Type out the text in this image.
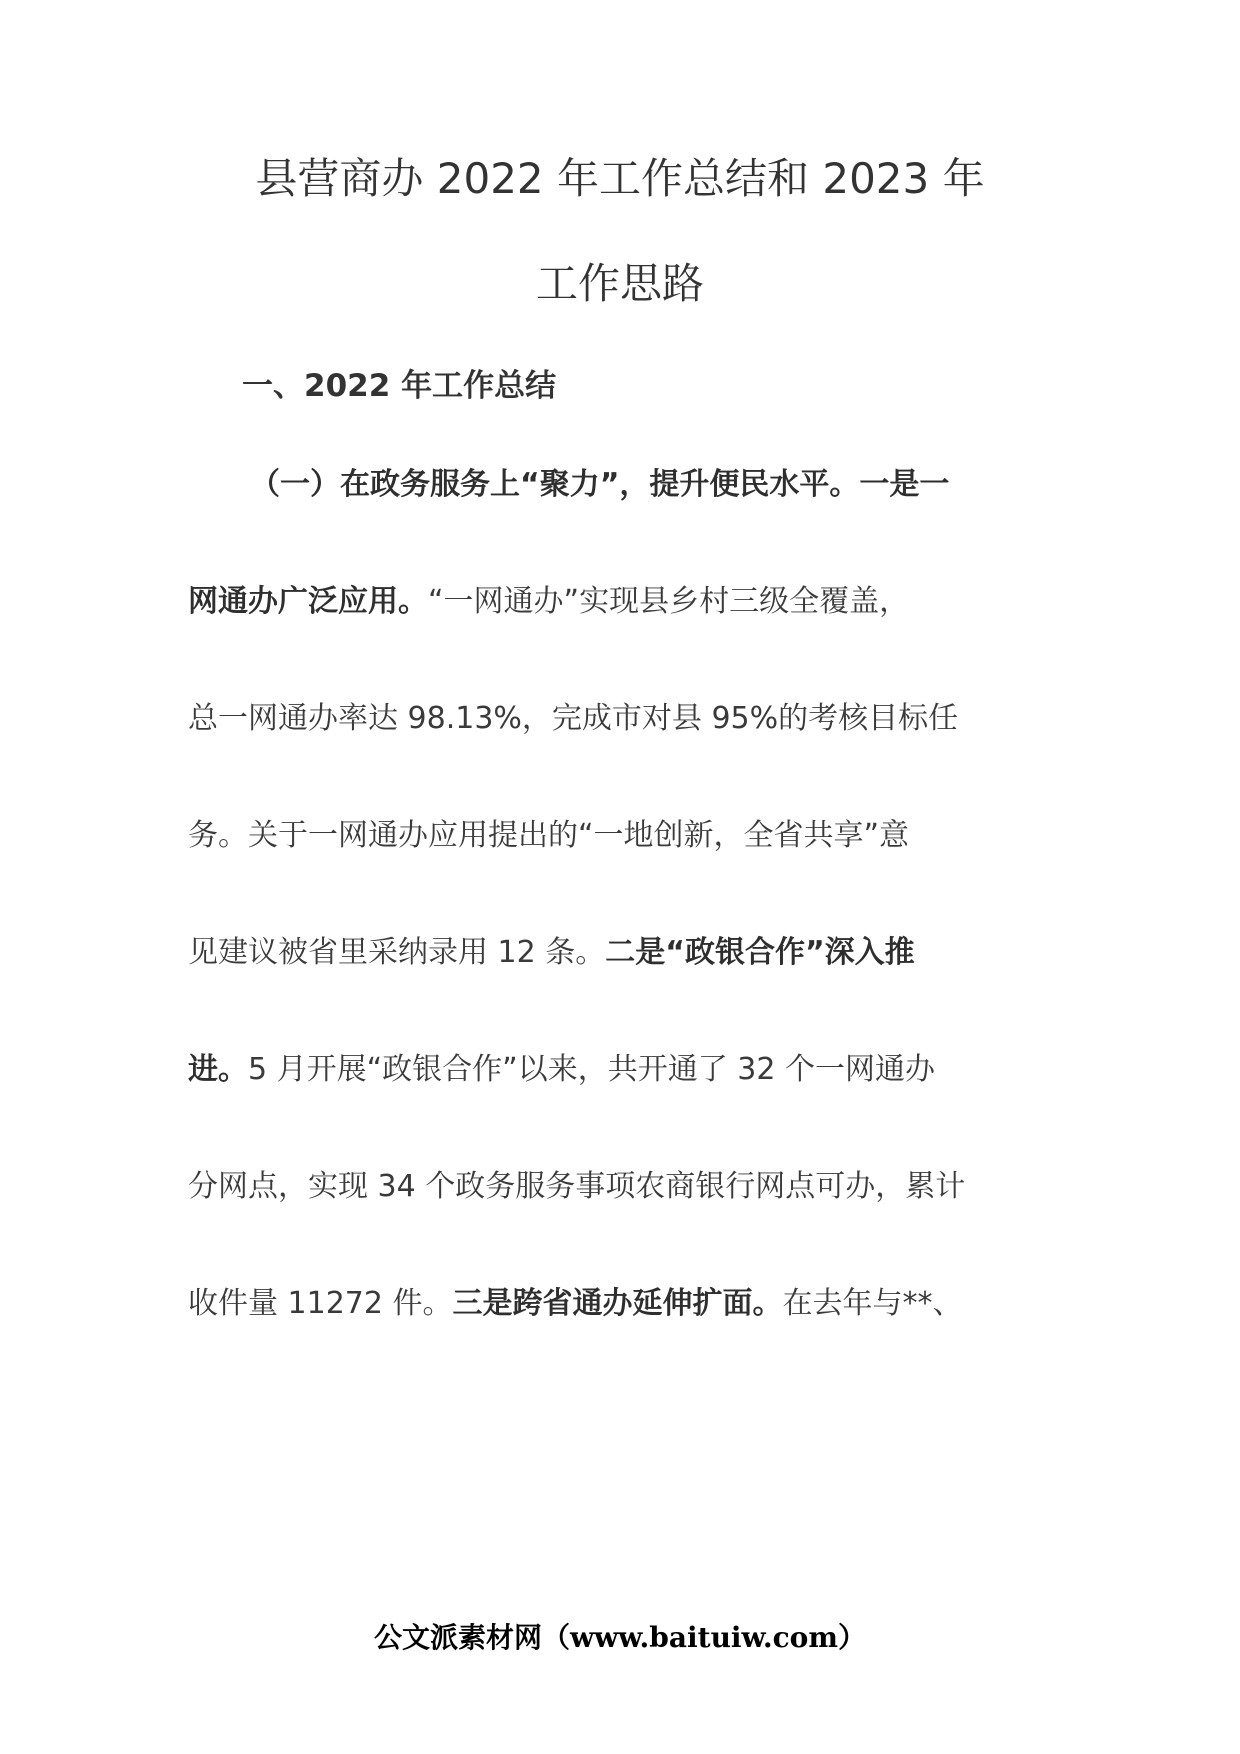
县营商办 2022 年工作总结和 2023 年
工作思路
一、2022 年工作总结
（一）在政务服务上“聚力”，提升便民水平。一是一
网通办广泛应用。“一网通办”实现县乡村三级全覆盖，
总一网通办率达 98.13%，完成市对县 95%的考核目标任
务。关于一网通办应用提出的“一地创新，全省共享”意
见建议被省里采纳录用 12 条。二是“政银合作”深入推
进。5 月开展“政银合作”以来，共开通了 32 个一网通办
分网点，实现 34 个政务服务事项农商银行网点可办，累计
收件量 11272 件。三是跨省通办延伸扩面。在去年与**、
公文派素材网（www.baituiw.com）
